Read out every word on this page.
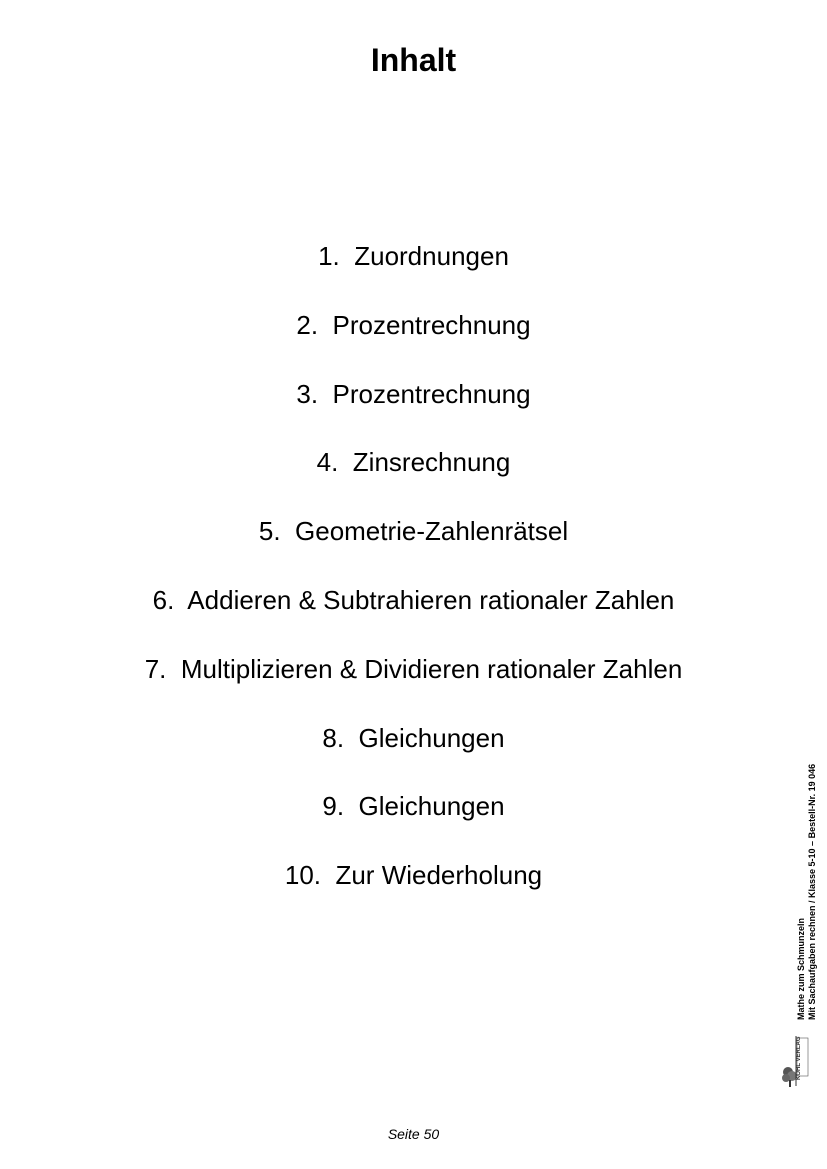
Inhalt
1.  Zuordnungen
2.  Prozentrechnung
3.  Prozentrechnung
4.  Zinsrechnung
5.  Geometrie-Zahlenrätsel
6.  Addieren & Subtrahieren rationaler Zahlen
7.  Multiplizieren & Dividieren rationaler Zahlen
8.  Gleichungen
9.  Gleichungen
10.  Zur Wiederholung
Mathe zum Schmunzeln Mit Sachaufgaben rechnen / Klasse 5-10 – Bestell-Nr. 19 046
KOHL VERLAG
Seite 50
